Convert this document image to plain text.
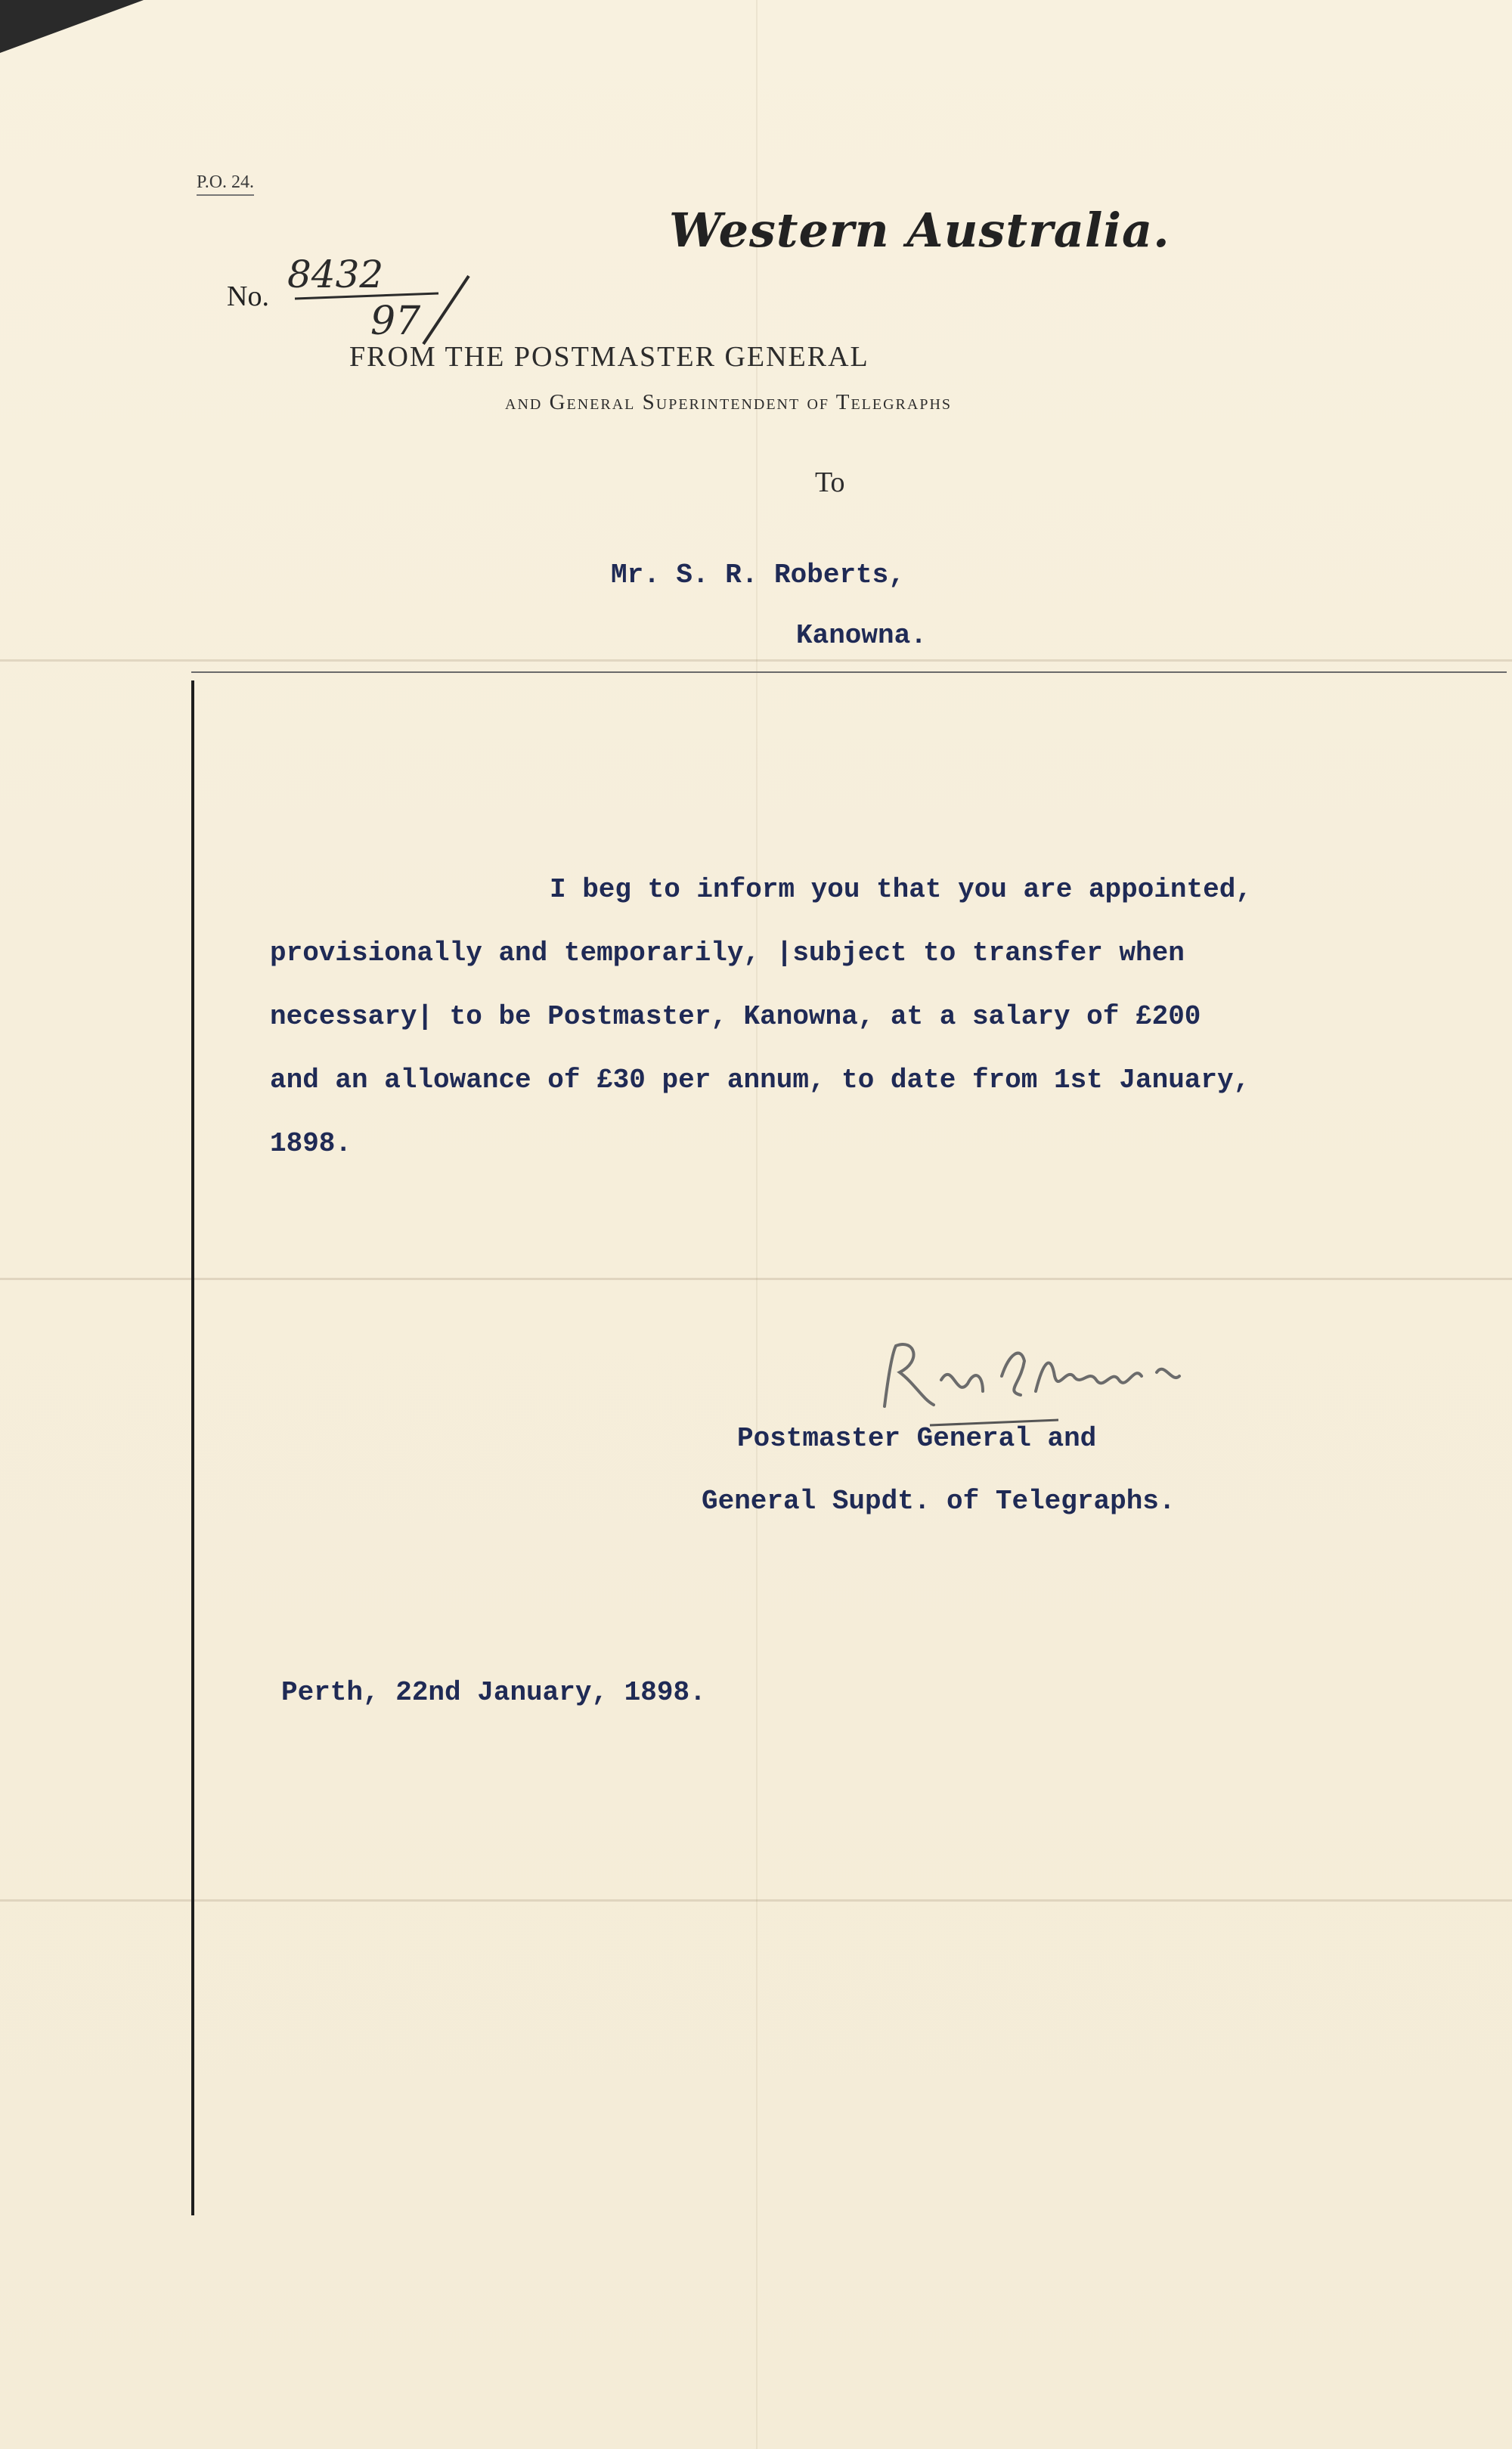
P.O. 24.
Western Australia.
No. 8432
97
FROM THE POSTMASTER GENERAL
and General Superintendent of Telegraphs
To
Mr. S. R. Roberts,
Kanowna.

I beg to inform you that you are appointed,

provisionally and temporarily, |subject to transfer when

necessary| to be Postmaster, Kanowna, at a salary of £200

and an allowance of £30 per annum, to date from 1st January,

1898.

Postmaster General and
General Supdt. of Telegraphs.
Perth, 22nd January, 1898.
